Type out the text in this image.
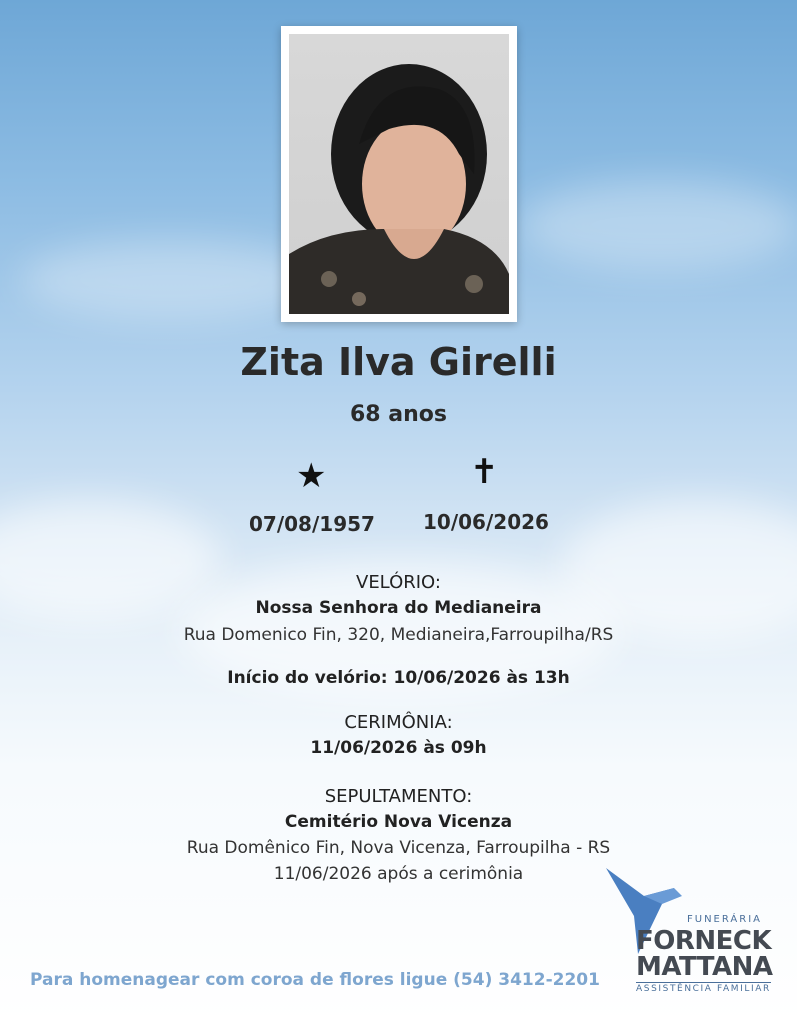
Zita Ilva Girelli
68 anos
★	✝
07/08/1957 10/06/2026
VELÓRIO:
Nossa Senhora do Medianeira
Rua Domenico Fin, 320, Medianeira,Farroupilha/RS
Início do velório: 10/06/2026 às 13h
CERIMÔNIA:
11/06/2026 às 09h
SEPULTAMENTO:
Cemitério Nova Vicenza
Rua Domênico Fin, Nova Vicenza, Farroupilha - RS
11/06/2026 após a cerimônia
Para homenagear com coroa de flores ligue (54) 3412-2201
FUNERÁRIA
FORNECK
MATTANA
ASSISTÊNCIA FAMILIAR
